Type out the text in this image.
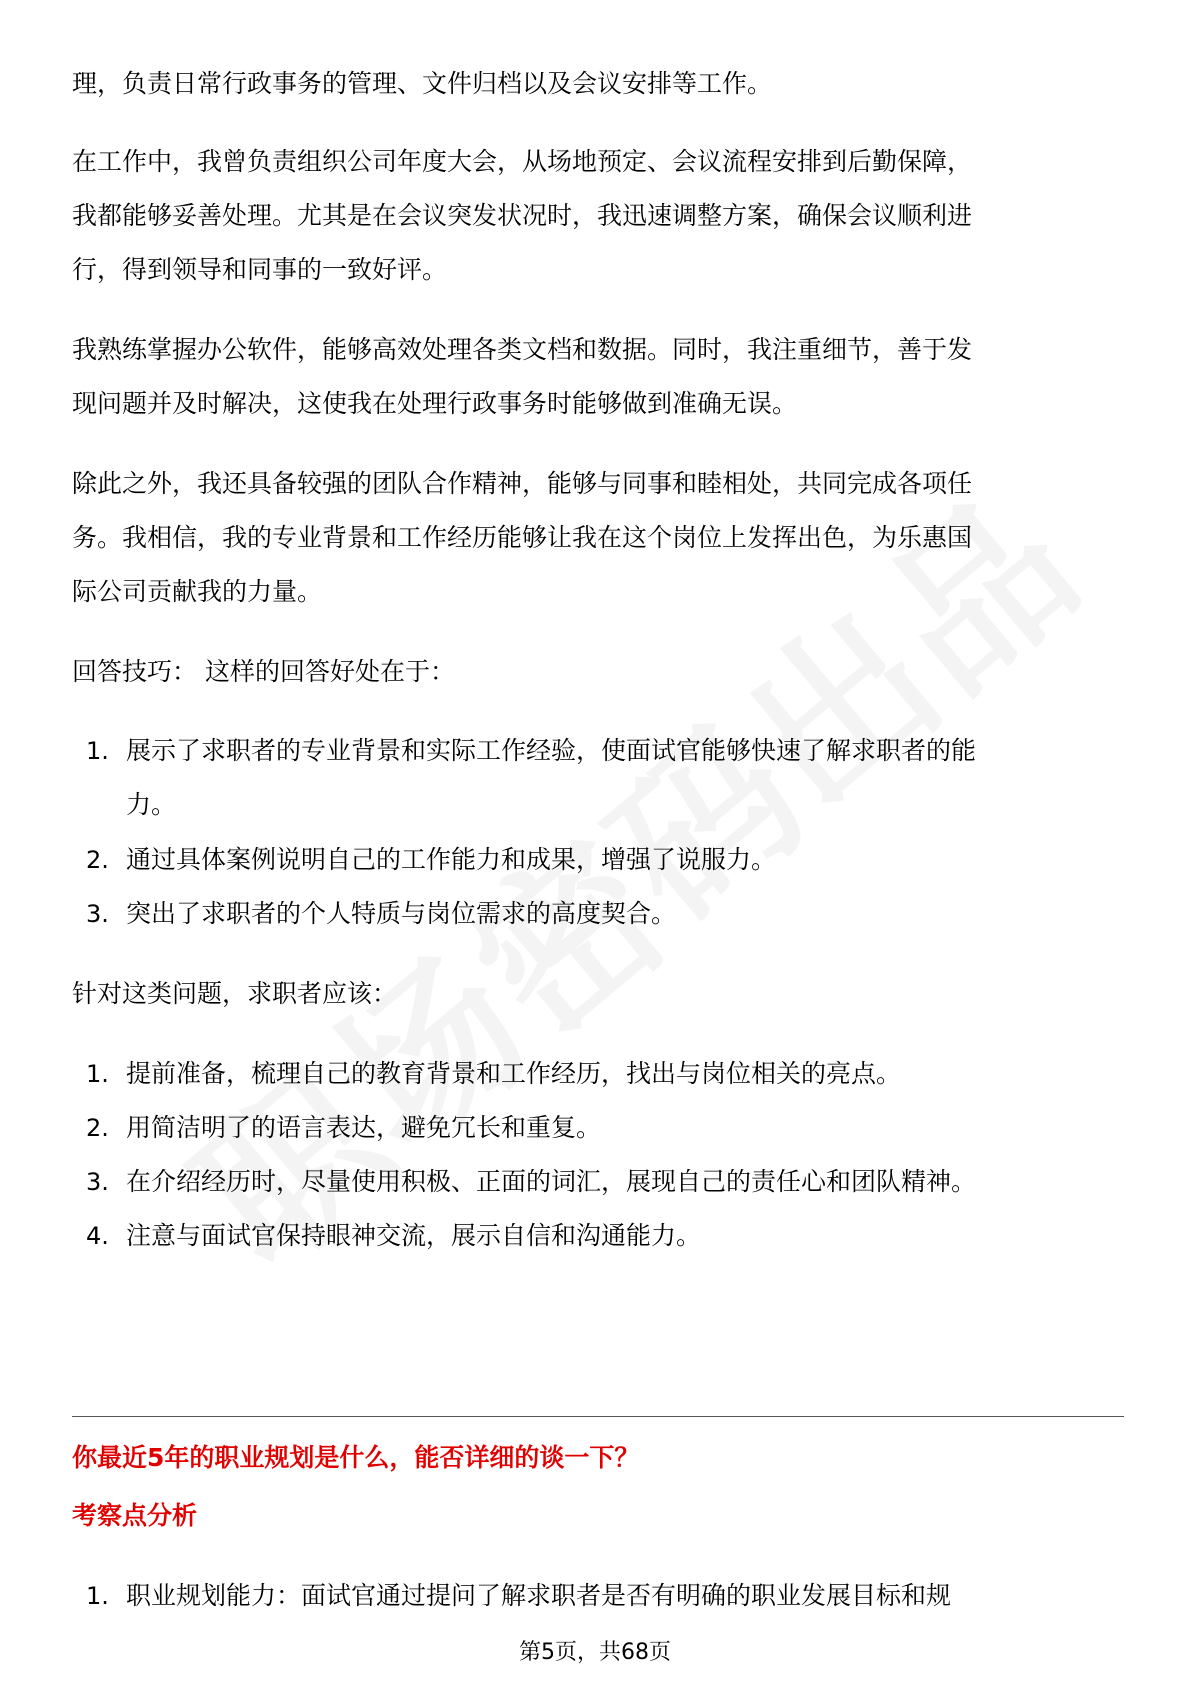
理，负责日常行政事务的管理、文件归档以及会议安排等工作。
在工作中，我曾负责组织公司年度大会，从场地预定、会议流程安排到后勤保障，
我都能够妥善处理。尤其是在会议突发状况时，我迅速调整方案，确保会议顺利进
行，得到领导和同事的一致好评。
我熟练掌握办公软件，能够高效处理各类文档和数据。同时，我注重细节，善于发
现问题并及时解决，这使我在处理行政事务时能够做到准确无误。
除此之外，我还具备较强的团队合作精神，能够与同事和睦相处，共同完成各项任
务。我相信，我的专业背景和工作经历能够让我在这个岗位上发挥出色，为乐惠国
际公司贡献我的力量。
回答技巧： 这样的回答好处在于：
1. 展示了求职者的专业背景和实际工作经验，使面试官能够快速了解求职者的能
力。
2. 通过具体案例说明自己的工作能力和成果，增强了说服力。
3. 突出了求职者的个人特质与岗位需求的高度契合。
针对这类问题，求职者应该：
1. 提前准备，梳理自己的教育背景和工作经历，找出与岗位相关的亮点。
2. 用简洁明了的语言表达，避免冗长和重复。
3. 在介绍经历时，尽量使用积极、正面的词汇，展现自己的责任心和团队精神。
4. 注意与面试官保持眼神交流，展示自信和沟通能力。
你最近5年的职业规划是什么，能否详细的谈一下？
考察点分析
1. 职业规划能力：面试官通过提问了解求职者是否有明确的职业发展目标和规
第5页，共68页
